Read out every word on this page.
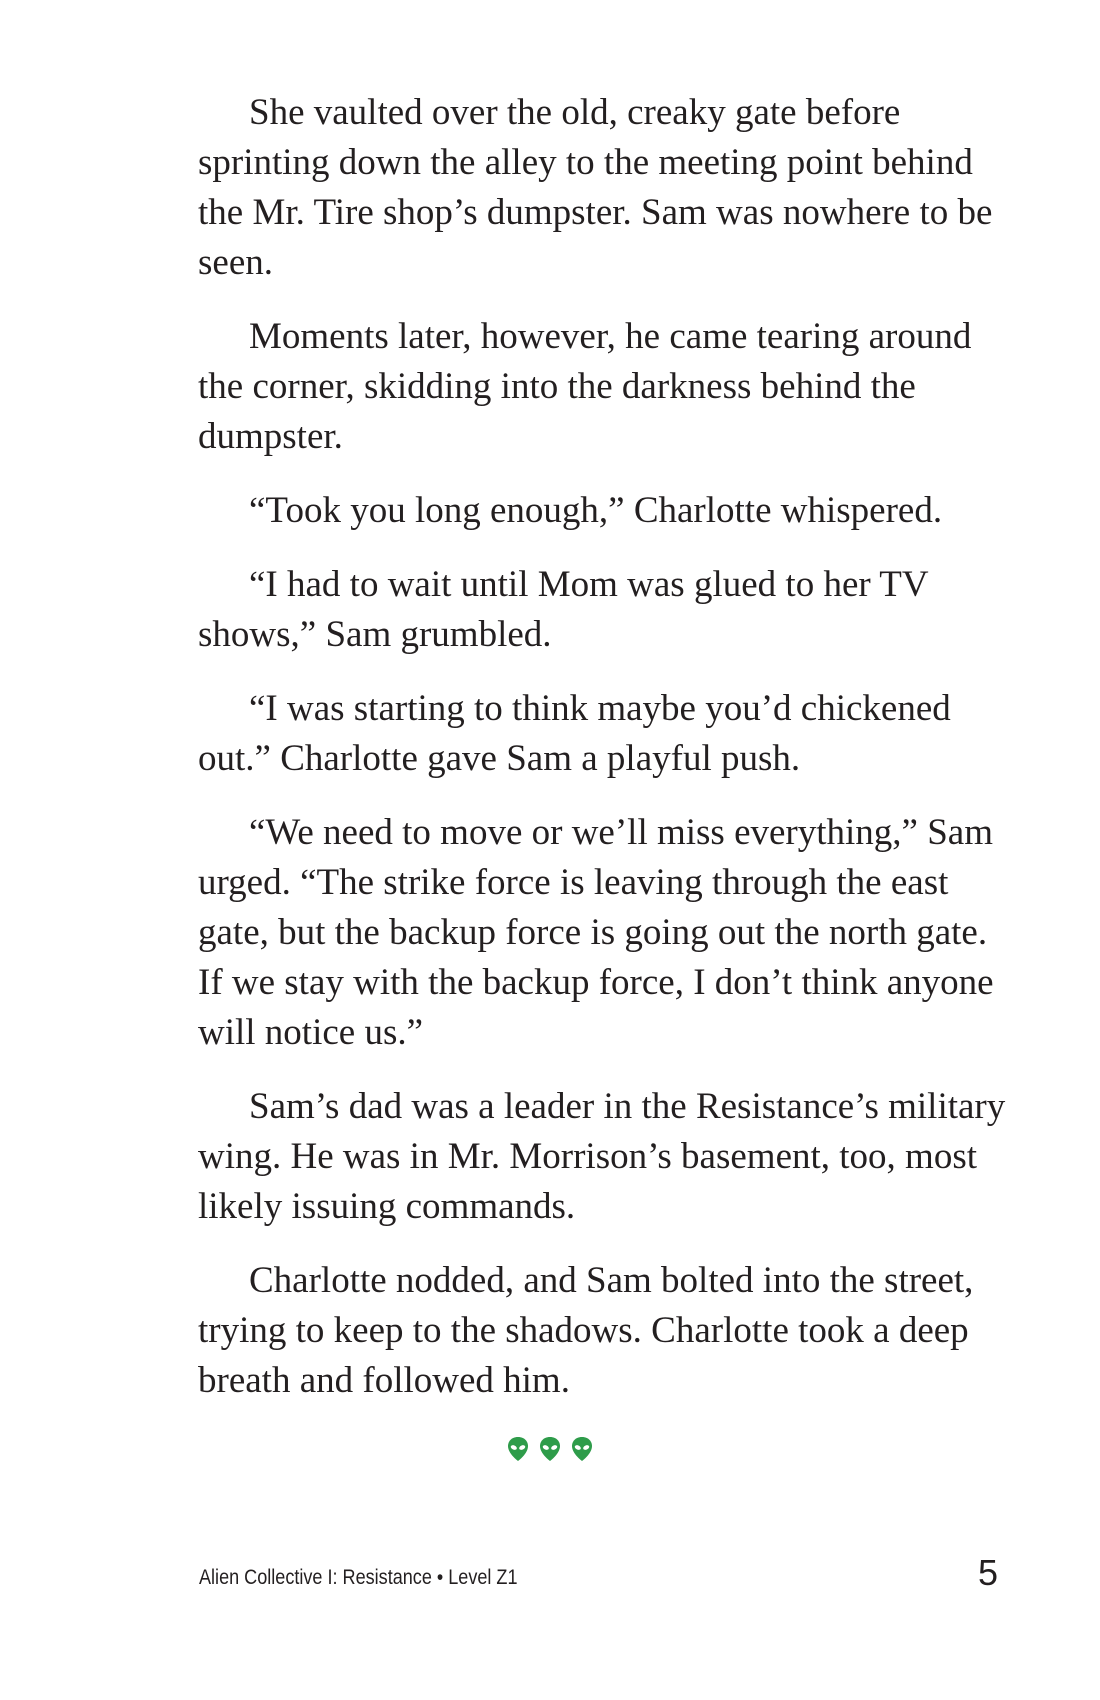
She vaulted over the old, creaky gate before sprinting down the alley to the meeting point behind the Mr. Tire shop’s dumpster. Sam was nowhere to be seen.

Moments later, however, he came tearing around the corner, skidding into the darkness behind the dumpster.

“Took you long enough,” Charlotte whispered.

“I had to wait until Mom was glued to her TV shows,” Sam grumbled.

“I was starting to think maybe you’d chickened out.” Charlotte gave Sam a playful push.

“We need to move or we’ll miss everything,” Sam urged. “The strike force is leaving through the east gate, but the backup force is going out the north gate. If we stay with the backup force, I don’t think anyone will notice us.”

Sam’s dad was a leader in the Resistance’s military wing. He was in Mr. Morrison’s basement, too, most likely issuing commands.

Charlotte nodded, and Sam bolted into the street, trying to keep to the shadows. Charlotte took a deep breath and followed him.

Alien Collective I: Resistance • Level Z1	5
